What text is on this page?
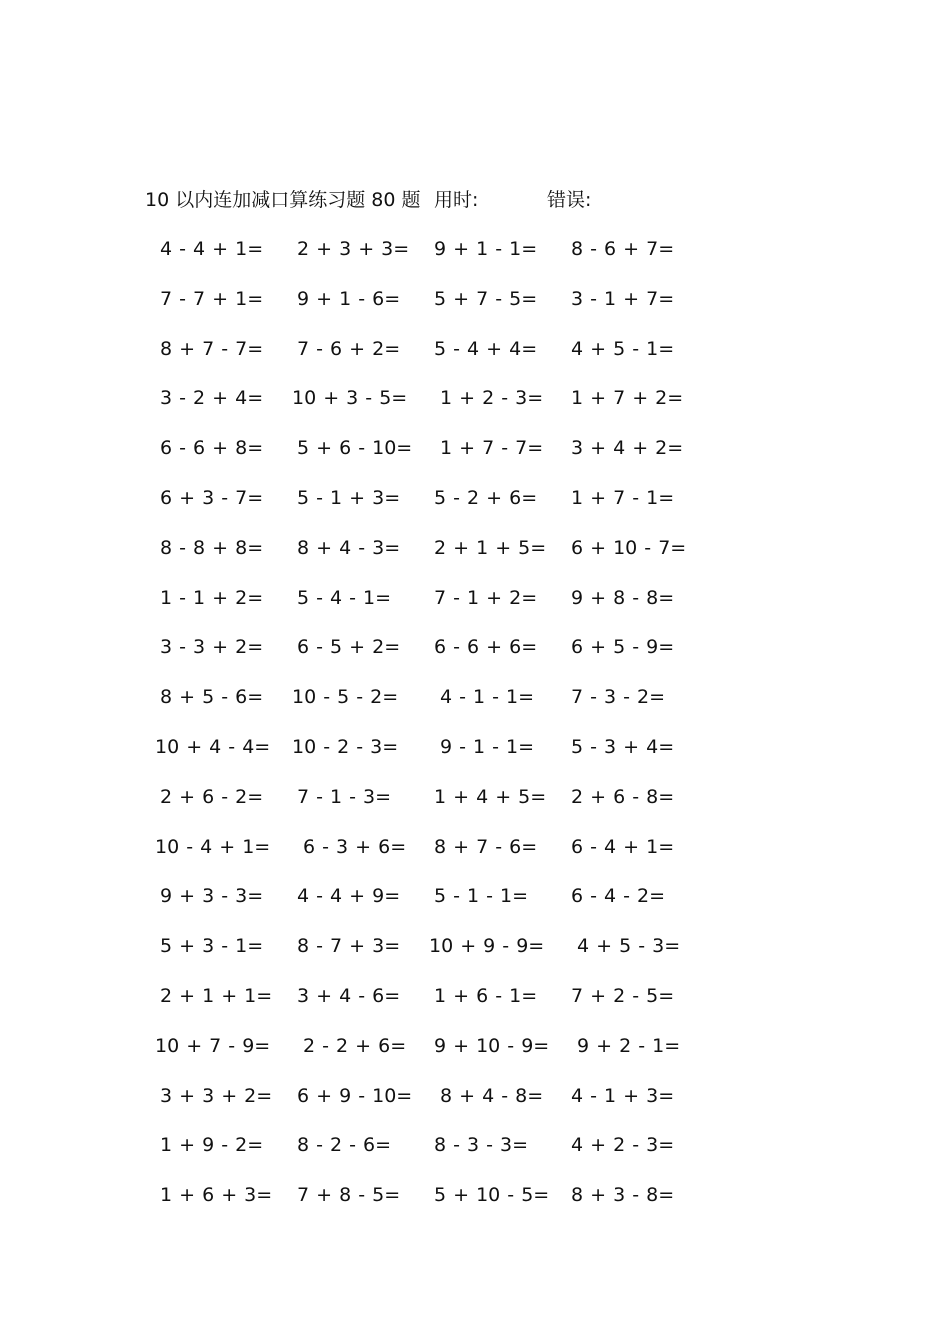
10 以内连加减口算练习题 80 题 用时:	错误:
4 - 4 + 1= 2 + 3 + 3= 9 + 1 - 1= 8 - 6 + 7=
7 - 7 + 1= 9 + 1 - 6= 5 + 7 - 5= 3 - 1 + 7=
8 + 7 - 7= 7 - 6 + 2= 5 - 4 + 4= 4 + 5 - 1=
3 - 2 + 4= 10 + 3 - 5= 1 + 2 - 3= 1 + 7 + 2=
6 - 6 + 8= 5 + 6 - 10= 1 + 7 - 7= 3 + 4 + 2=
6 + 3 - 7= 5 - 1 + 3= 5 - 2 + 6= 1 + 7 - 1=
8 - 8 + 8= 8 + 4 - 3= 2 + 1 + 5= 6 + 10 - 7=
1 - 1 + 2= 5 - 4 - 1= 7 - 1 + 2= 9 + 8 - 8=
3 - 3 + 2= 6 - 5 + 2= 6 - 6 + 6= 6 + 5 - 9=
8 + 5 - 6= 10 - 5 - 2= 4 - 1 - 1= 7 - 3 - 2=
10 + 4 - 4= 10 - 2 - 3= 9 - 1 - 1= 5 - 3 + 4=
2 + 6 - 2= 7 - 1 - 3= 1 + 4 + 5= 2 + 6 - 8=
10 - 4 + 1= 6 - 3 + 6= 8 + 7 - 6= 6 - 4 + 1=
9 + 3 - 3= 4 - 4 + 9= 5 - 1 - 1= 6 - 4 - 2=
5 + 3 - 1= 8 - 7 + 3= 10 + 9 - 9= 4 + 5 - 3=
2 + 1 + 1= 3 + 4 - 6= 1 + 6 - 1= 7 + 2 - 5=
10 + 7 - 9= 2 - 2 + 6= 9 + 10 - 9= 9 + 2 - 1=
3 + 3 + 2= 6 + 9 - 10= 8 + 4 - 8= 4 - 1 + 3=
1 + 9 - 2= 8 - 2 - 6= 8 - 3 - 3= 4 + 2 - 3=
1 + 6 + 3= 7 + 8 - 5= 5 + 10 - 5= 8 + 3 - 8=
